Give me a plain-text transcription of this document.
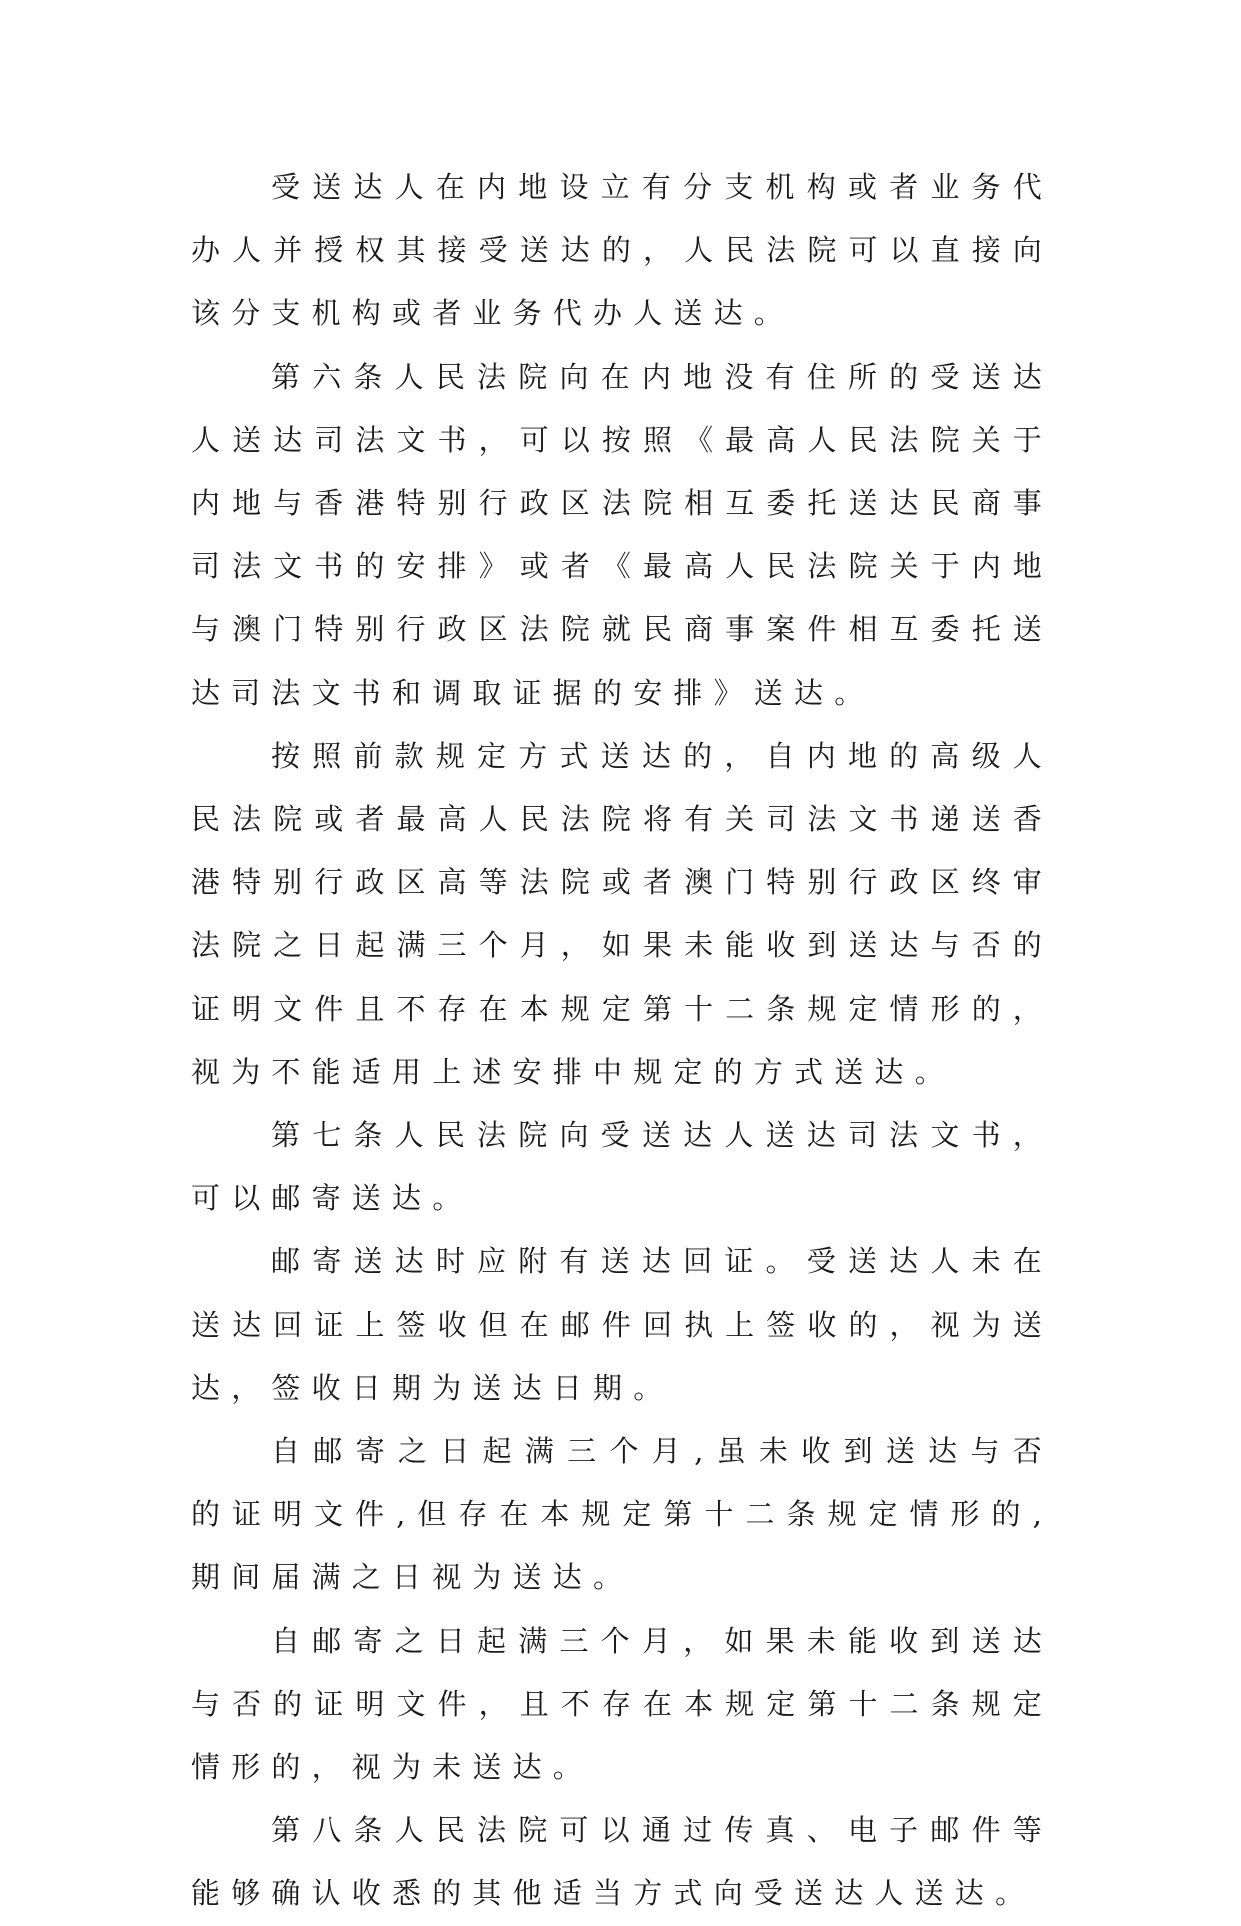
受送达人在内地设立有分支机构或者业务代办人并授权其接受送达的，人民法院可以直接向该分支机构或者业务代办人送达。

第六条人民法院向在内地没有住所的受送达人送达司法文书，可以按照《最高人民法院关于内地与香港特别行政区法院相互委托送达民商事司法文书的安排》或者《最高人民法院关于内地与澳门特别行政区法院就民商事案件相互委托送达司法文书和调取证据的安排》送达。

按照前款规定方式送达的，自内地的高级人民法院或者最高人民法院将有关司法文书递送香港特别行政区高等法院或者澳门特别行政区终审法院之日起满三个月，如果未能收到送达与否的证明文件且不存在本规定第十二条规定情形的，视为不能适用上述安排中规定的方式送达。

第七条人民法院向受送达人送达司法文书，可以邮寄送达。

邮寄送达时应附有送达回证。受送达人未在送达回证上签收但在邮件回执上签收的，视为送达，签收日期为送达日期。

自邮寄之日起满三个月,虽未收到送达与否的证明文件,但存在本规定第十二条规定情形的,期间届满之日视为送达。

自邮寄之日起满三个月，如果未能收到送达与否的证明文件，且不存在本规定第十二条规定情形的，视为未送达。

第八条人民法院可以通过传真、电子邮件等能够确认收悉的其他适当方式向受送达人送达。
